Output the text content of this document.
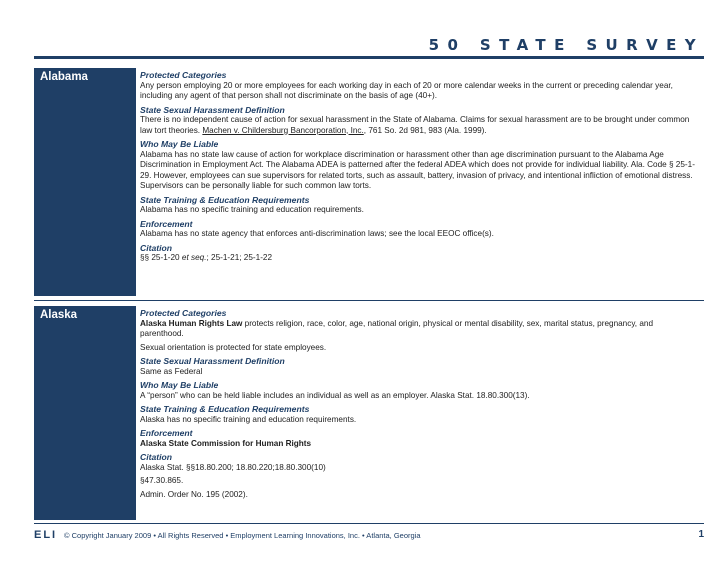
50 STATE SURVEY
Alabama	Protected Categories

Any person employing 20 or more employees for each working day in each of 20 or more calendar weeks in the current or preceding calendar year, including any agent of that person shall not discriminate on the basis of age (40+).

State Sexual Harassment Definition

There is no independent cause of action for sexual harassment in the State of Alabama. Claims for sexual harassment are to be brought under common law tort theories. Machen v. Childersburg Bancorporation, Inc., 761 So. 2d 981, 983 (Ala. 1999).

Who May Be Liable

Alabama has no state law cause of action for workplace discrimination or harassment other than age discrimination pursuant to the Alabama Age Discrimination in Employment Act. The Alabama ADEA is patterned after the federal ADEA which does not provide for individual liability. Ala. Code § 25-1-29. However, employees can sue supervisors for related torts, such as assault, battery, invasion of privacy, and intentional infliction of emotional distress. Supervisors can be personally liable for such common law torts.

State Training & Education Requirements

Alabama has no specific training and education requirements.

Enforcement

Alabama has no state agency that enforces anti-discrimination laws; see the local EEOC office(s).

Citation

§§ 25-1-20 et seq.; 25-1-21; 25-1-22

Alaska	Protected Categories

Alaska Human Rights Law protects religion, race, color, age, national origin, physical or mental disability, sex, marital status, pregnancy, and parenthood.

Sexual orientation is protected for state employees.

State Sexual Harassment Definition

Same as Federal

Who May Be Liable

A “person” who can be held liable includes an individual as well as an employer. Alaska Stat. 18.80.300(13).

State Training & Education Requirements

Alaska has no specific training and education requirements.

Enforcement

Alaska State Commission for Human Rights

Citation

Alaska Stat. §§18.80.200; 18.80.220;18.80.300(10)

§47.30.865.

Admin. Order No. 195 (2002).

ELI © Copyright January 2009 • All Rights Reserved • Employment Learning Innovations, Inc. • Atlanta, Georgia	1
